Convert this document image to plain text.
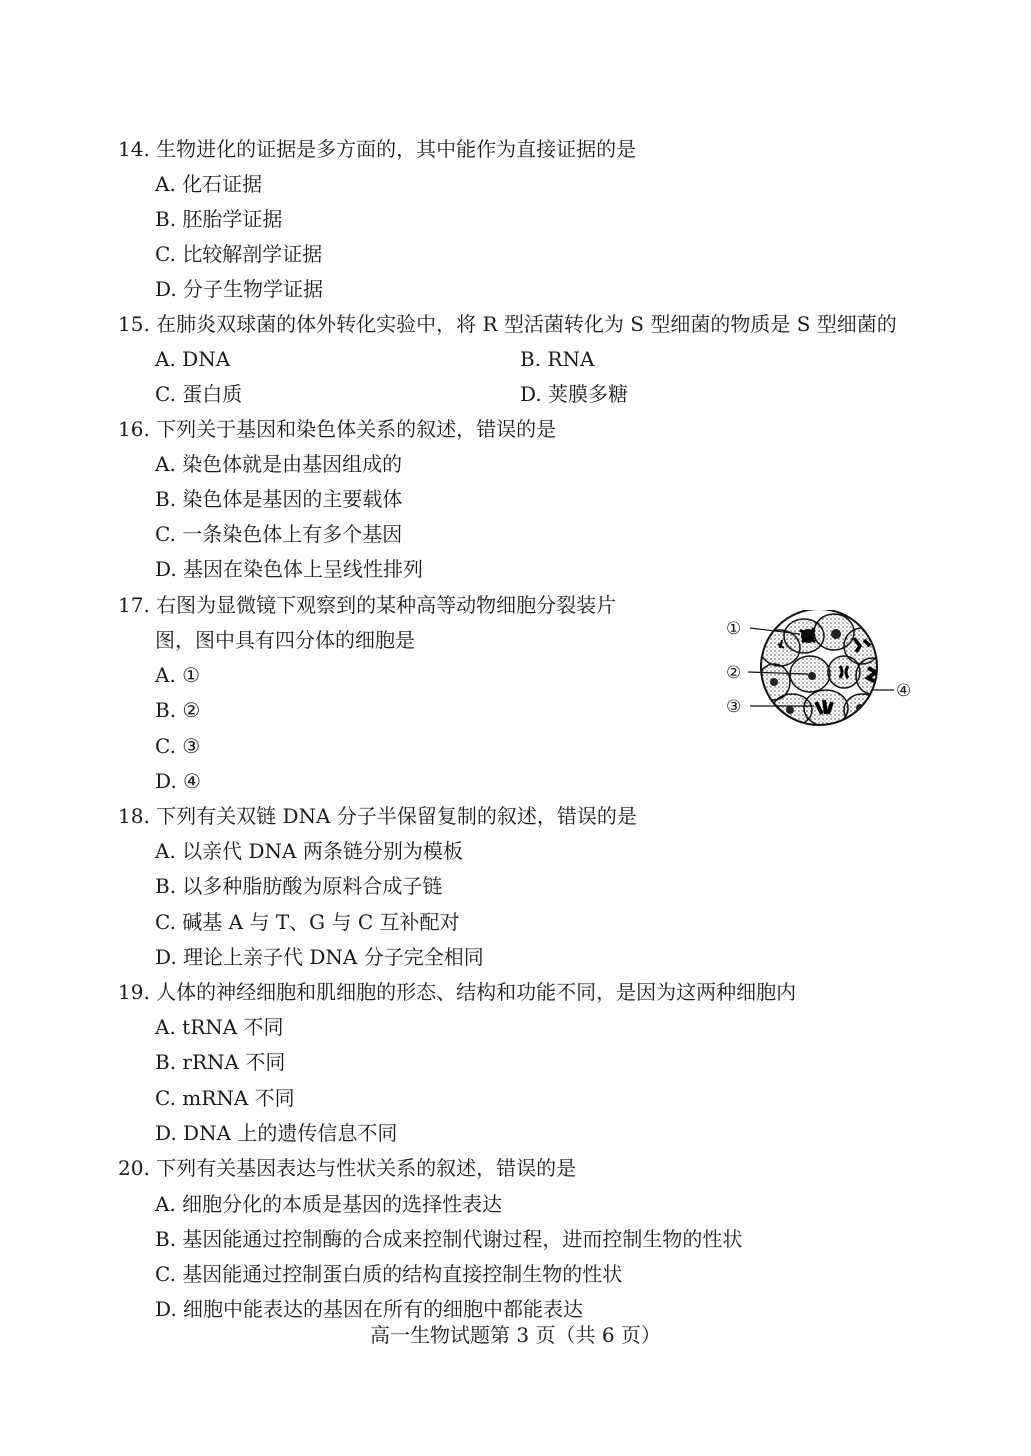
14. 生物进化的证据是多方面的，其中能作为直接证据的是
A. 化石证据
B. 胚胎学证据
C. 比较解剖学证据
D. 分子生物学证据
15. 在肺炎双球菌的体外转化实验中，将 R 型活菌转化为 S 型细菌的物质是 S 型细菌的
A. DNA	B. RNA
C. 蛋白质	D. 荚膜多糖
16. 下列关于基因和染色体关系的叙述，错误的是
A. 染色体就是由基因组成的
B. 染色体是基因的主要载体
C. 一条染色体上有多个基因
D. 基因在染色体上呈线性排列
17. 右图为显微镜下观察到的某种高等动物细胞分裂装片
图，图中具有四分体的细胞是
A. ①
B. ②
C. ③
D. ④
①
②
③
④
18. 下列有关双链 DNA 分子半保留复制的叙述，错误的是
A. 以亲代 DNA 两条链分别为模板
B. 以多种脂肪酸为原料合成子链
C. 碱基 A 与 T、G 与 C 互补配对
D. 理论上亲子代 DNA 分子完全相同
19. 人体的神经细胞和肌细胞的形态、结构和功能不同，是因为这两种细胞内
A. tRNA 不同
B. rRNA 不同
C. mRNA 不同
D. DNA 上的遗传信息不同
20. 下列有关基因表达与性状关系的叙述，错误的是
A. 细胞分化的本质是基因的选择性表达
B. 基因能通过控制酶的合成来控制代谢过程，进而控制生物的性状
C. 基因能通过控制蛋白质的结构直接控制生物的性状
D. 细胞中能表达的基因在所有的细胞中都能表达
高一生物试题第 3 页（共 6 页）
